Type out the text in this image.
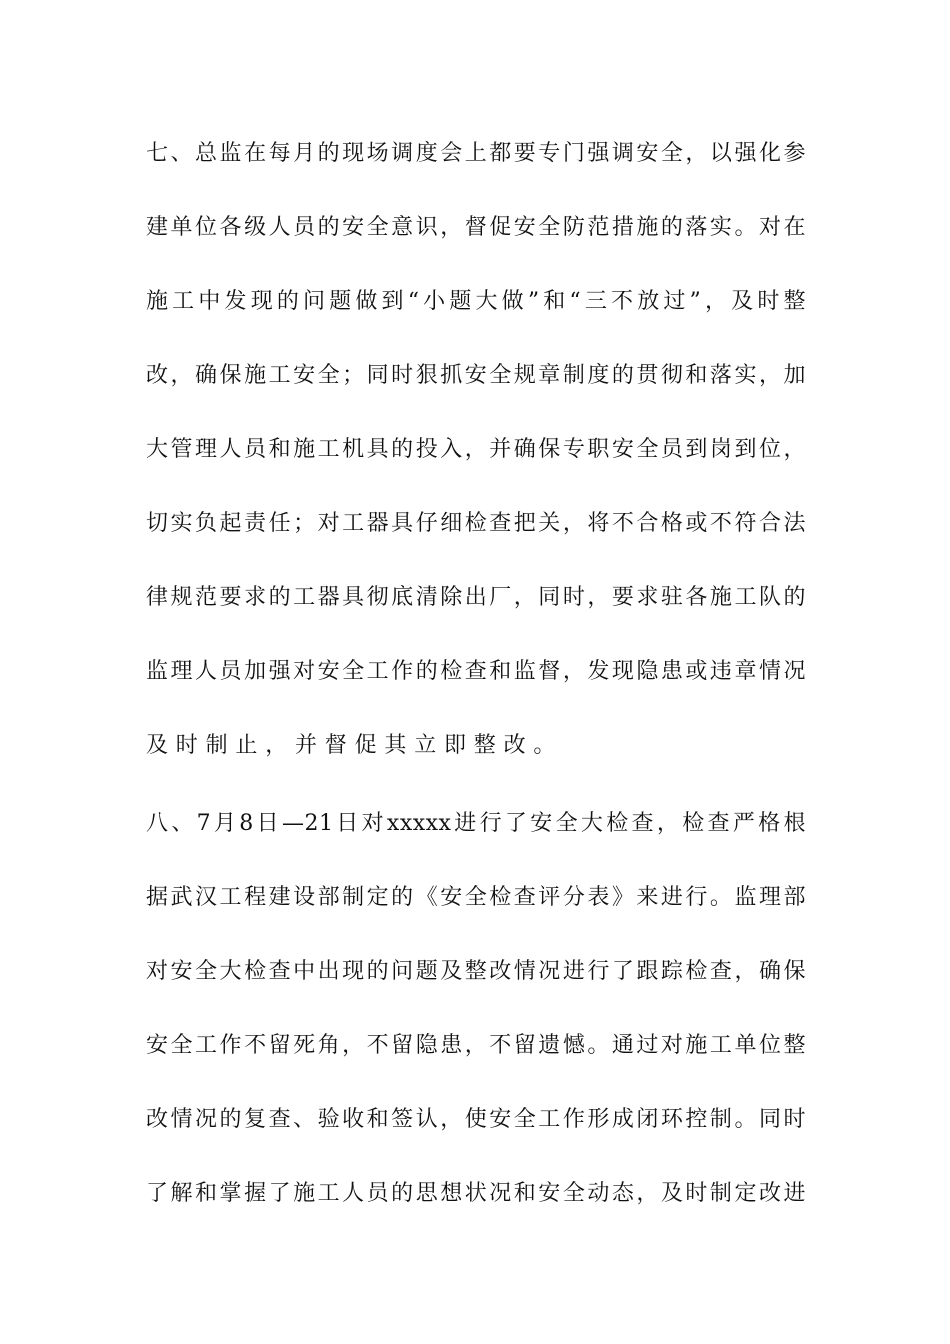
七、总监在每月的现场调度会上都要专门强调安全，以强化参
建单位各级人员的安全意识，督促安全防范措施的落实。对在
施工中发现的问题做到“小题大做”和“三不放过”，及时整
改，确保施工安全；同时狠抓安全规章制度的贯彻和落实，加
大管理人员和施工机具的投入，并确保专职安全员到岗到位，
切实负起责任；对工器具仔细检查把关，将不合格或不符合法
律规范要求的工器具彻底清除出厂，同时，要求驻各施工队的
监理人员加强对安全工作的检查和监督，发现隐患或违章情况
及时制止，并督促其立即整改。
八、7月8日—21日对xxxxx进行了安全大检查，检查严格根
据武汉工程建设部制定的《安全检查评分表》来进行。监理部
对安全大检查中出现的问题及整改情况进行了跟踪检查，确保
安全工作不留死角，不留隐患，不留遗憾。通过对施工单位整
改情况的复查、验收和签认，使安全工作形成闭环控制。同时
了解和掌握了施工人员的思想状况和安全动态，及时制定改进
